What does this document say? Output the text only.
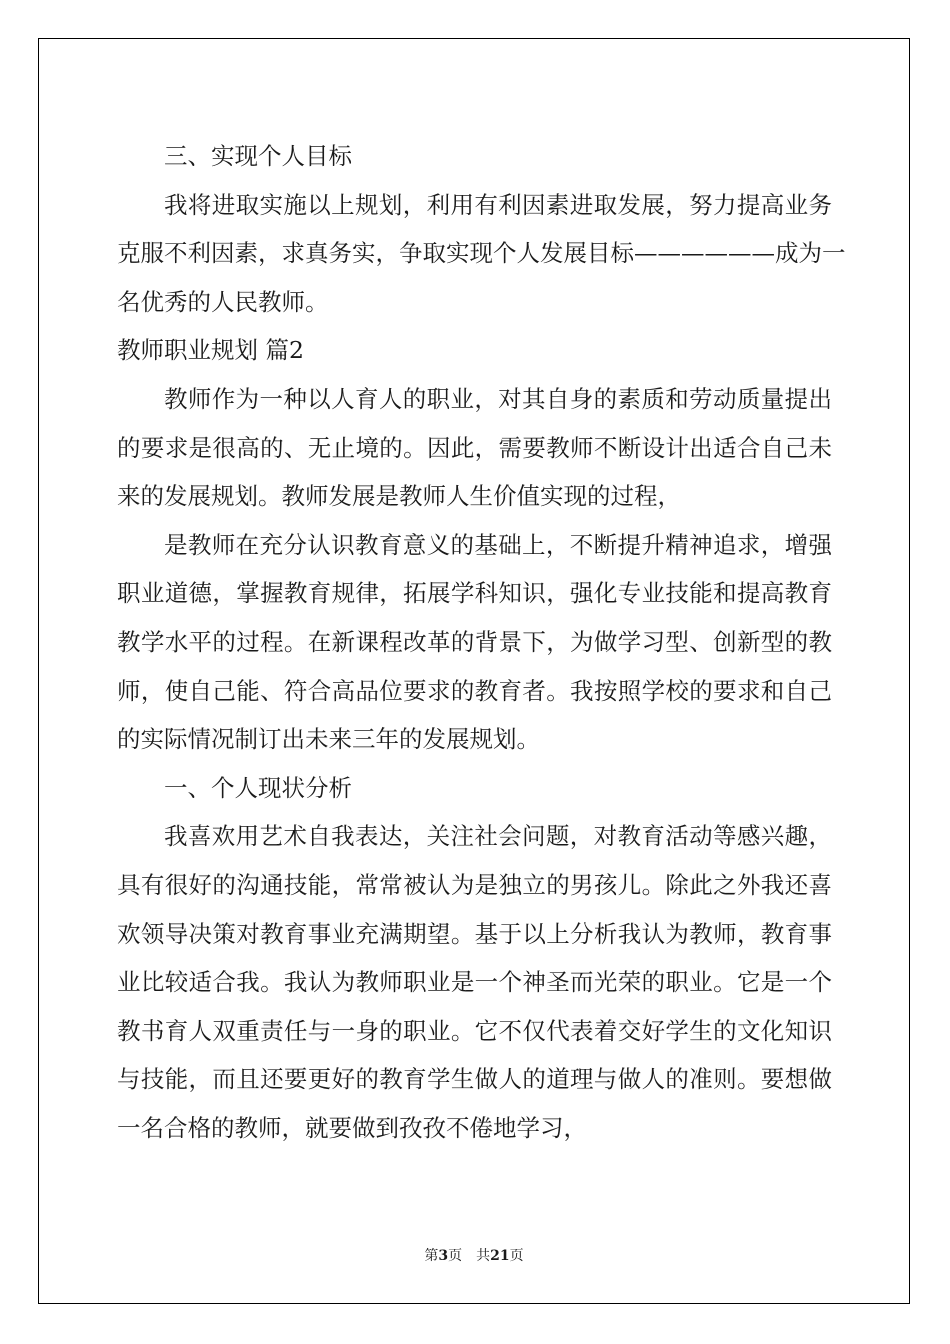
三、实现个人目标
我将进取实施以上规划，利用有利因素进取发展，努力提高业务
克服不利因素，求真务实，争取实现个人发展目标——————成为一
名优秀的人民教师。
教师职业规划 篇2
教师作为一种以人育人的职业，对其自身的素质和劳动质量提出
的要求是很高的、无止境的。因此，需要教师不断设计出适合自己未
来的发展规划。教师发展是教师人生价值实现的过程，
是教师在充分认识教育意义的基础上，不断提升精神追求，增强
职业道德，掌握教育规律，拓展学科知识，强化专业技能和提高教育
教学水平的过程。在新课程改革的背景下，为做学习型、创新型的教
师，使自己能、符合高品位要求的教育者。我按照学校的要求和自己
的实际情况制订出未来三年的发展规划。
一、个人现状分析
我喜欢用艺术自我表达，关注社会问题，对教育活动等感兴趣，
具有很好的沟通技能，常常被认为是独立的男孩儿。除此之外我还喜
欢领导决策对教育事业充满期望。基于以上分析我认为教师，教育事
业比较适合我。我认为教师职业是一个神圣而光荣的职业。它是一个
教书育人双重责任与一身的职业。它不仅代表着交好学生的文化知识
与技能，而且还要更好的教育学生做人的道理与做人的准则。要想做
一名合格的教师，就要做到孜孜不倦地学习，
第3页 共21页
